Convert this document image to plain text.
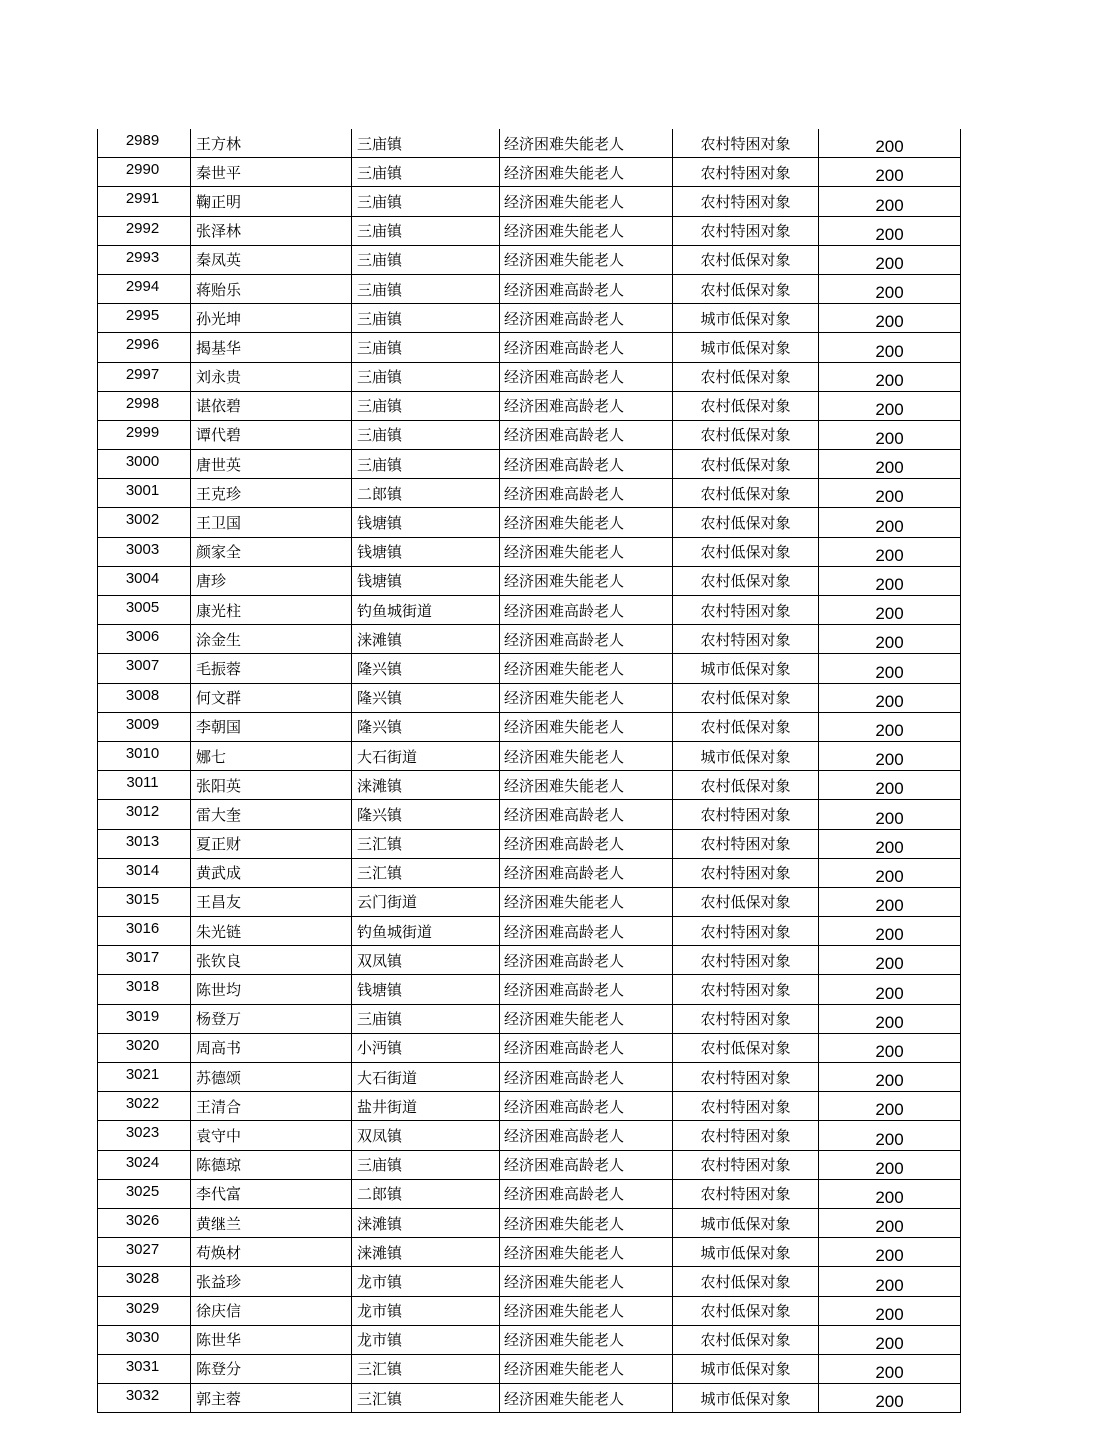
2989	王方林	三庙镇	经济困难失能老人	农村特困对象	200
2990	秦世平	三庙镇	经济困难失能老人	农村特困对象	200
2991	鞠正明	三庙镇	经济困难失能老人	农村特困对象	200
2992	张泽林	三庙镇	经济困难失能老人	农村特困对象	200
2993	秦凤英	三庙镇	经济困难失能老人	农村低保对象	200
2994	蒋贻乐	三庙镇	经济困难高龄老人	农村低保对象	200
2995	孙光坤	三庙镇	经济困难高龄老人	城市低保对象	200
2996	揭基华	三庙镇	经济困难高龄老人	城市低保对象	200
2997	刘永贵	三庙镇	经济困难高龄老人	农村低保对象	200
2998	谌依碧	三庙镇	经济困难高龄老人	农村低保对象	200
2999	谭代碧	三庙镇	经济困难高龄老人	农村低保对象	200
3000	唐世英	三庙镇	经济困难高龄老人	农村低保对象	200
3001	王克珍	二郎镇	经济困难高龄老人	农村低保对象	200
3002	王卫国	钱塘镇	经济困难失能老人	农村低保对象	200
3003	颜家全	钱塘镇	经济困难失能老人	农村低保对象	200
3004	唐珍	钱塘镇	经济困难失能老人	农村低保对象	200
3005	康光柱	钓鱼城街道	经济困难高龄老人	农村特困对象	200
3006	涂金生	涞滩镇	经济困难高龄老人	农村特困对象	200
3007	毛振蓉	隆兴镇	经济困难失能老人	城市低保对象	200
3008	何文群	隆兴镇	经济困难失能老人	农村低保对象	200
3009	李朝国	隆兴镇	经济困难失能老人	农村低保对象	200
3010	娜七	大石街道	经济困难失能老人	城市低保对象	200
3011	张阳英	涞滩镇	经济困难失能老人	农村低保对象	200
3012	雷大奎	隆兴镇	经济困难高龄老人	农村特困对象	200
3013	夏正财	三汇镇	经济困难高龄老人	农村特困对象	200
3014	黄武成	三汇镇	经济困难高龄老人	农村特困对象	200
3015	王昌友	云门街道	经济困难失能老人	农村低保对象	200
3016	朱光链	钓鱼城街道	经济困难高龄老人	农村特困对象	200
3017	张钦良	双凤镇	经济困难高龄老人	农村特困对象	200
3018	陈世均	钱塘镇	经济困难高龄老人	农村特困对象	200
3019	杨登万	三庙镇	经济困难失能老人	农村特困对象	200
3020	周高书	小沔镇	经济困难高龄老人	农村低保对象	200
3021	苏德颂	大石街道	经济困难高龄老人	农村特困对象	200
3022	王清合	盐井街道	经济困难高龄老人	农村特困对象	200
3023	袁守中	双凤镇	经济困难高龄老人	农村特困对象	200
3024	陈德琼	三庙镇	经济困难高龄老人	农村特困对象	200
3025	李代富	二郎镇	经济困难高龄老人	农村特困对象	200
3026	黄继兰	涞滩镇	经济困难失能老人	城市低保对象	200
3027	苟焕材	涞滩镇	经济困难失能老人	城市低保对象	200
3028	张益珍	龙市镇	经济困难失能老人	农村低保对象	200
3029	徐庆信	龙市镇	经济困难失能老人	农村低保对象	200
3030	陈世华	龙市镇	经济困难失能老人	农村低保对象	200
3031	陈登分	三汇镇	经济困难失能老人	城市低保对象	200
3032	郭主蓉	三汇镇	经济困难失能老人	城市低保对象	200
